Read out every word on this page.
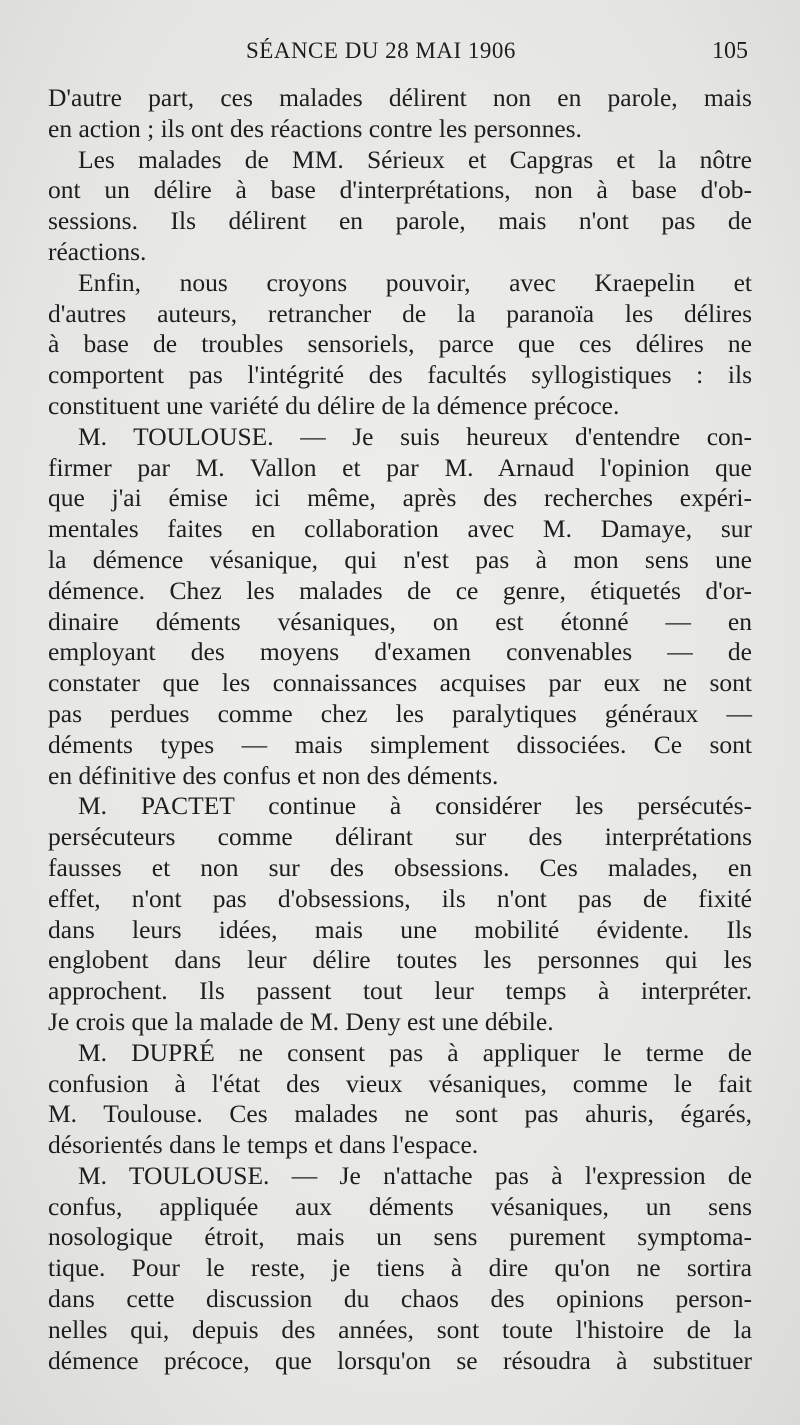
SÉANCE DU 28 MAI 1906	105
D'autre part, ces malades délirent non en parole, mais
en action ; ils ont des réactions contre les personnes.
Les malades de MM. Sérieux et Capgras et la nôtre
ont un délire à base d'interprétations, non à base d'ob-
sessions. Ils délirent en parole, mais n'ont pas de
réactions.
Enfin, nous croyons pouvoir, avec Kraepelin et
d'autres auteurs, retrancher de la paranoïa les délires
à base de troubles sensoriels, parce que ces délires ne
comportent pas l'intégrité des facultés syllogistiques : ils
constituent une variété du délire de la démence précoce.
M. TOULOUSE. — Je suis heureux d'entendre con-
firmer par M. Vallon et par M. Arnaud l'opinion que
que j'ai émise ici même, après des recherches expéri-
mentales faites en collaboration avec M. Damaye, sur
la démence vésanique, qui n'est pas à mon sens une
démence. Chez les malades de ce genre, étiquetés d'or-
dinaire déments vésaniques, on est étonné — en
employant des moyens d'examen convenables — de
constater que les connaissances acquises par eux ne sont
pas perdues comme chez les paralytiques généraux —
déments types — mais simplement dissociées. Ce sont
en définitive des confus et non des déments.
M. PACTET continue à considérer les persécutés-
persécuteurs comme délirant sur des interprétations
fausses et non sur des obsessions. Ces malades, en
effet, n'ont pas d'obsessions, ils n'ont pas de fixité
dans leurs idées, mais une mobilité évidente. Ils
englobent dans leur délire toutes les personnes qui les
approchent. Ils passent tout leur temps à interpréter.
Je crois que la malade de M. Deny est une débile.
M. DUPRÉ ne consent pas à appliquer le terme de
confusion à l'état des vieux vésaniques, comme le fait
M. Toulouse. Ces malades ne sont pas ahuris, égarés,
désorientés dans le temps et dans l'espace.
M. TOULOUSE. — Je n'attache pas à l'expression de
confus, appliquée aux déments vésaniques, un sens
nosologique étroit, mais un sens purement symptoma-
tique. Pour le reste, je tiens à dire qu'on ne sortira
dans cette discussion du chaos des opinions person-
nelles qui, depuis des années, sont toute l'histoire de la
démence précoce, que lorsqu'on se résoudra à substituer
